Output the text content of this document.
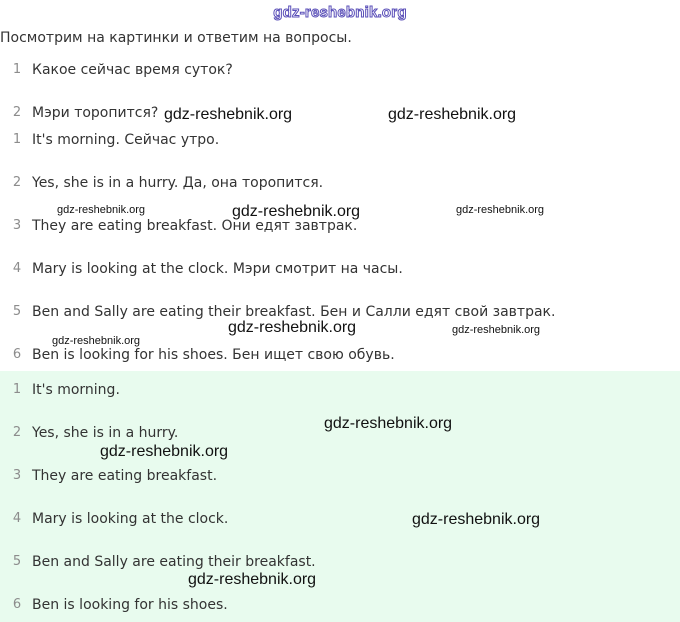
gdz-reshebnik.org
Посмотрим на картинки и ответим на вопросы.
1 Какое сейчас время суток?
2 Мэри торопится?
1 It's morning. Сейчас утро.
2 Yes, she is in a hurry. Да, она торопится.
3 They are eating breakfast. Они едят завтрак.
4 Mary is looking at the clock. Мэри смотрит на часы.
5 Ben and Sally are eating their breakfast. Бен и Салли едят свой завтрак.
6 Ben is looking for his shoes. Бен ищет свою обувь.
1 It's morning.
2 Yes, she is in a hurry.
3 They are eating breakfast.
4 Mary is looking at the clock.
5 Ben and Sally are eating their breakfast.
6 Ben is looking for his shoes.
gdz-reshebnik.org	gdz-reshebnik.org
gdz-reshebnik.org	gdz-reshebnik.org	gdz-reshebnik.org
gdz-reshebnik.org	gdz-reshebnik.org
gdz-reshebnik.org
gdz-reshebnik.org
gdz-reshebnik.org
gdz-reshebnik.org
gdz-reshebnik.org
